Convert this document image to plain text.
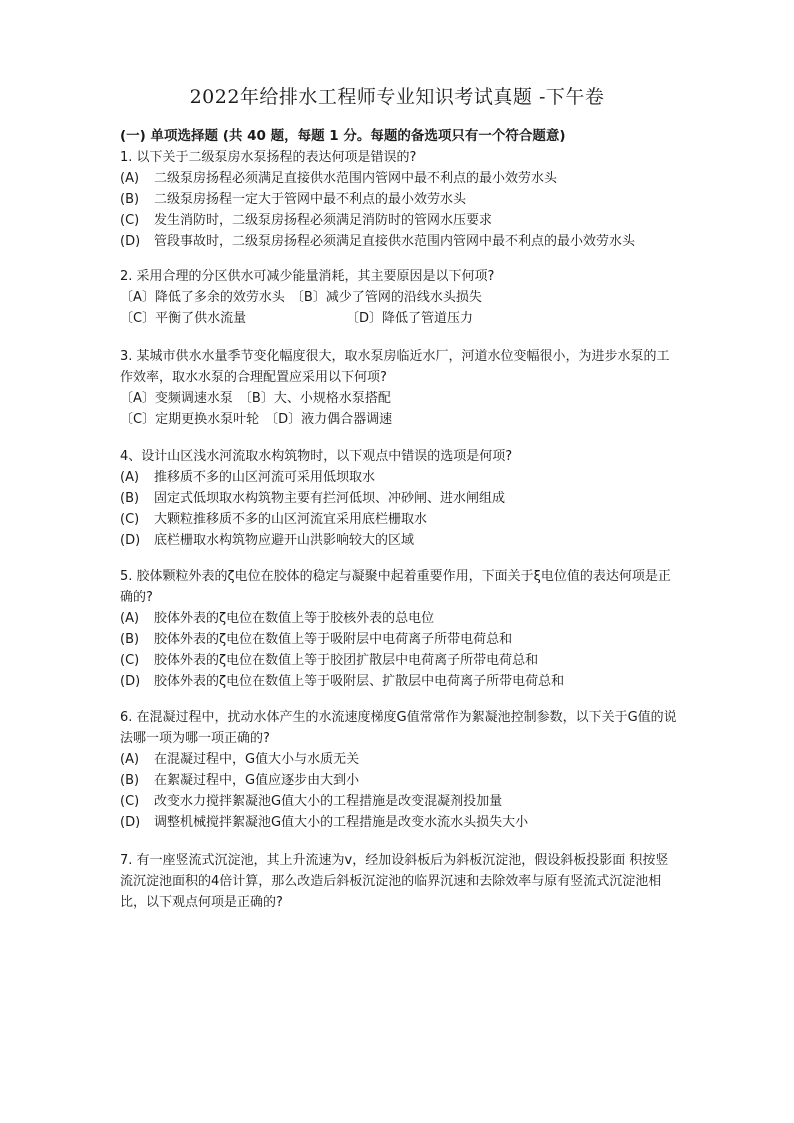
2022年给排水工程师专业知识考试真题 -下午卷
(一) 单项选择题 (共 40 题，每题 1 分。每题的备选项只有一个符合题意)
1. 以下关于二级泵房水泵扬程的表达何项是错误的?
(A) 二级泵房扬程必须满足直接供水范围内管网中最不利点的最小效劳水头
(B) 二级泵房扬程一定大于管网中最不利点的最小效劳水头
(C) 发生消防时，二级泵房扬程必须满足消防时的管网水压要求
(D) 管段事故时，二级泵房扬程必须满足直接供水范围内管网中最不利点的最小效劳水头
2. 采用合理的分区供水可减少能量消耗，其主要原因是以下何项?
〔A〕降低了多余的效劳水头 〔B〕减少了管网的沿线水头损失
〔C〕平衡了供水流量	〔D〕降低了管道压力
3. 某城市供水水量季节变化幅度很大，取水泵房临近水厂，河道水位变幅很小，为进步水泵的工作效率，取水水泵的合理配置应采用以下何项?
〔A〕变频调速水泵 〔B〕大、小规格水泵搭配
〔C〕定期更换水泵叶轮 〔D〕液力偶合器调速
4、设计山区浅水河流取水构筑物时，以下观点中错误的选项是何项?
(A) 推移质不多的山区河流可采用低坝取水
(B) 固定式低坝取水构筑物主要有拦河低坝、冲砂闸、进水闸组成
(C) 大颗粒推移质不多的山区河流宜采用底栏栅取水
(D) 底栏栅取水构筑物应避开山洪影响较大的区域
5. 胶体颗粒外表的ζ电位在胶体的稳定与凝聚中起着重要作用，下面关于ξ电位值的表达何项是正确的?
(A) 胶体外表的ζ电位在数值上等于胶核外表的总电位
(B) 胶体外表的ζ电位在数值上等于吸附层中电荷离子所带电荷总和
(C) 胶体外表的ζ电位在数值上等于胶团扩散层中电荷离子所带电荷总和
(D) 胶体外表的ζ电位在数值上等于吸附层、扩散层中电荷离子所带电荷总和
6. 在混凝过程中，扰动水体产生的水流速度梯度G值常常作为絮凝池控制参数，以下关于G值的说法哪一项为哪一项正确的?
(A) 在混凝过程中，G值大小与水质无关
(B) 在絮凝过程中，G值应逐步由大到小
(C) 改变水力搅拌絮凝池G值大小的工程措施是改变混凝剂投加量
(D) 调整机械搅拌絮凝池G值大小的工程措施是改变水流水头损失大小
7. 有一座竖流式沉淀池，其上升流速为v，经加设斜板后为斜板沉淀池，假设斜板投影面 积按竖流沉淀池面积的4倍计算，那么改造后斜板沉淀池的临界沉速和去除效率与原有竖流式沉淀池相比，以下观点何项是正确的?
